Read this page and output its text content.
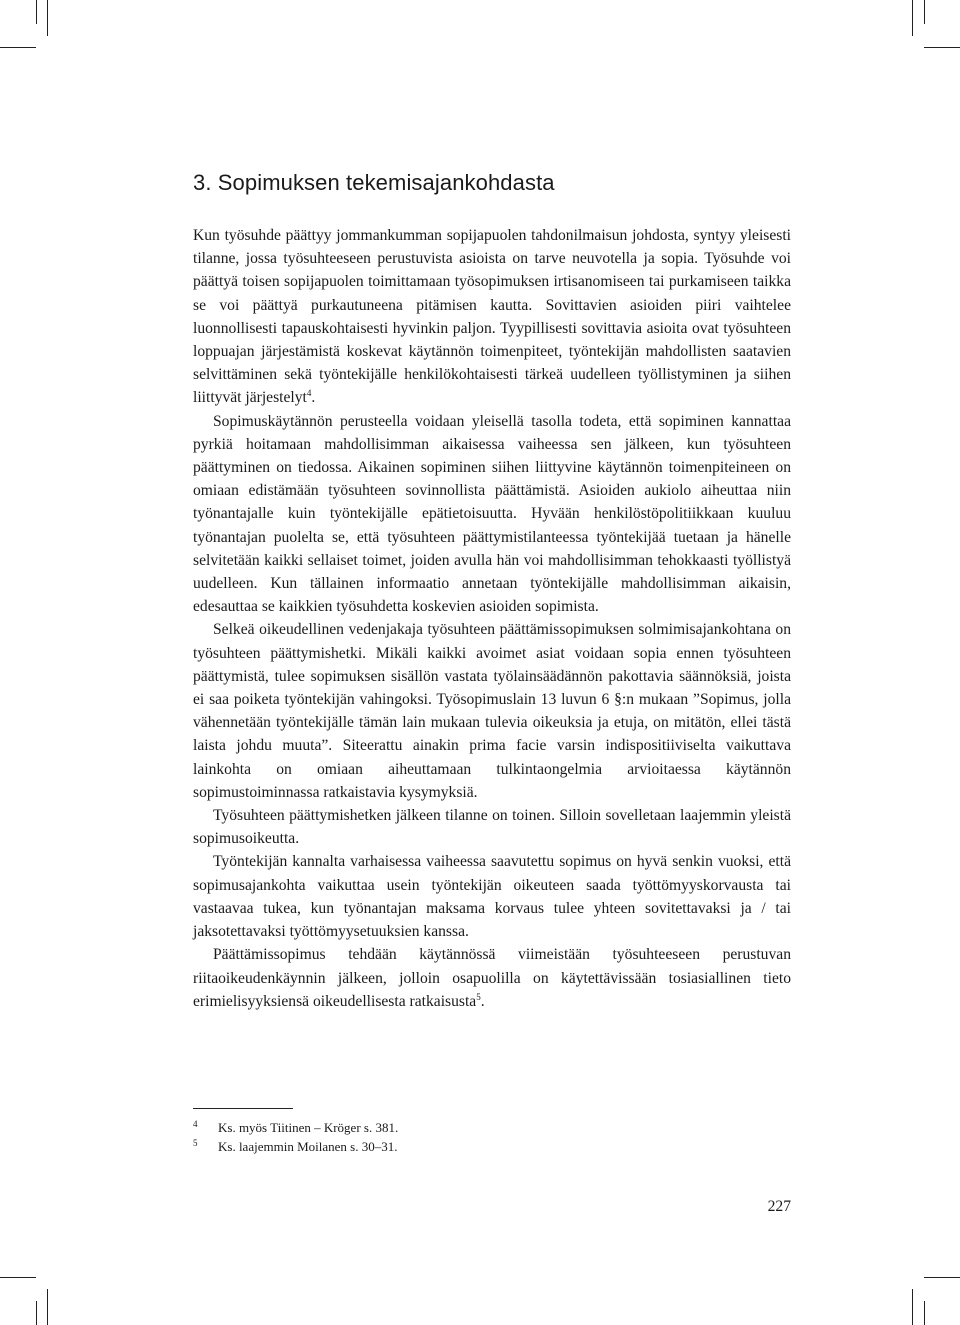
3. Sopimuksen tekemisajankohdasta

Kun työsuhde päättyy jommankumman sopijapuolen tahdonilmaisun johdosta, syntyy yleisesti tilanne, jossa työsuhteeseen perustuvista asioista on tarve neuvotella ja sopia. Työsuhde voi päättyä toisen sopijapuolen toimittamaan työsopimuksen irtisanomiseen tai purkamiseen taikka se voi päättyä purkautuneena pitämisen kautta. Sovittavien asioiden piiri vaihtelee luonnollisesti tapauskohtaisesti hyvinkin paljon. Tyypillisesti sovittavia asioita ovat työsuhteen loppuajan järjestämistä koskevat käytännön toimenpiteet, työntekijän mahdollisten saatavien selvittäminen sekä työntekijälle henkilökohtaisesti tärkeä uudelleen työllistyminen ja siihen liittyvät järjestelyt$^4$.

Sopimuskäytännön perusteella voidaan yleisellä tasolla todeta, että sopiminen kannattaa pyrkiä hoitamaan mahdollisimman aikaisessa vaiheessa sen jälkeen, kun työsuhteen päättyminen on tiedossa. Aikainen sopiminen siihen liittyvine käytännön toimenpiteineen on omiaan edistämään työsuhteen sovinnollista päättämistä. Asioiden aukiolo aiheuttaa niin työnantajalle kuin työntekijälle epätietoisuutta. Hyvään henkilöstöpolitiikkaan kuuluu työnantajan puolelta se, että työsuhteen päättymistilanteessa työntekijää tuetaan ja hänelle selvitetään kaikki sellaiset toimet, joiden avulla hän voi mahdollisimman tehokkaasti työllistyä uudelleen. Kun tällainen informaatio annetaan työntekijälle mahdollisimman aikaisin, edesauttaa se kaikkien työsuhdetta koskevien asioiden sopimista.

Selkeä oikeudellinen vedenjakaja työsuhteen päättämissopimuksen solmimisajankohtana on työsuhteen päättymishetki. Mikäli kaikki avoimet asiat voidaan sopia ennen työsuhteen päättymistä, tulee sopimuksen sisällön vastata työlainsäädännön pakottavia säännöksiä, joista ei saa poiketa työntekijän vahingoksi. Työsopimuslain 13 luvun 6 §:n mukaan ”Sopimus, jolla vähennetään työntekijälle tämän lain mukaan tulevia oikeuksia ja etuja, on mitätön, ellei tästä laista johdu muuta”. Siteerattu ainakin prima facie varsin indispositiiviselta vaikuttava lainkohta on omiaan aiheuttamaan tulkintaongelmia arvioitaessa käytännön sopimustoiminnassa ratkaistavia kysymyksiä.

Työsuhteen päättymishetken jälkeen tilanne on toinen. Silloin sovelletaan laajemmin yleistä sopimusoikeutta.

Työntekijän kannalta varhaisessa vaiheessa saavutettu sopimus on hyvä senkin vuoksi, että sopimusajankohta vaikuttaa usein työntekijän oikeuteen saada työttömyyskorvausta tai vastaavaa tukea, kun työnantajan maksama korvaus tulee yhteen sovitettavaksi ja / tai jaksotettavaksi työttömyysetuuksien kanssa.

Päättämissopimus tehdään käytännössä viimeistään työsuhteeseen perustuvan riitaoikeudenkäynnin jälkeen, jolloin osapuolilla on käytettävissään tosiasiallinen tieto erimielisyyksiensä oikeudellisesta ratkaisusta$^5$.

4	Ks. myös Tiitinen – Kröger s. 381.
5	Ks. laajemmin Moilanen s. 30–31.
227
